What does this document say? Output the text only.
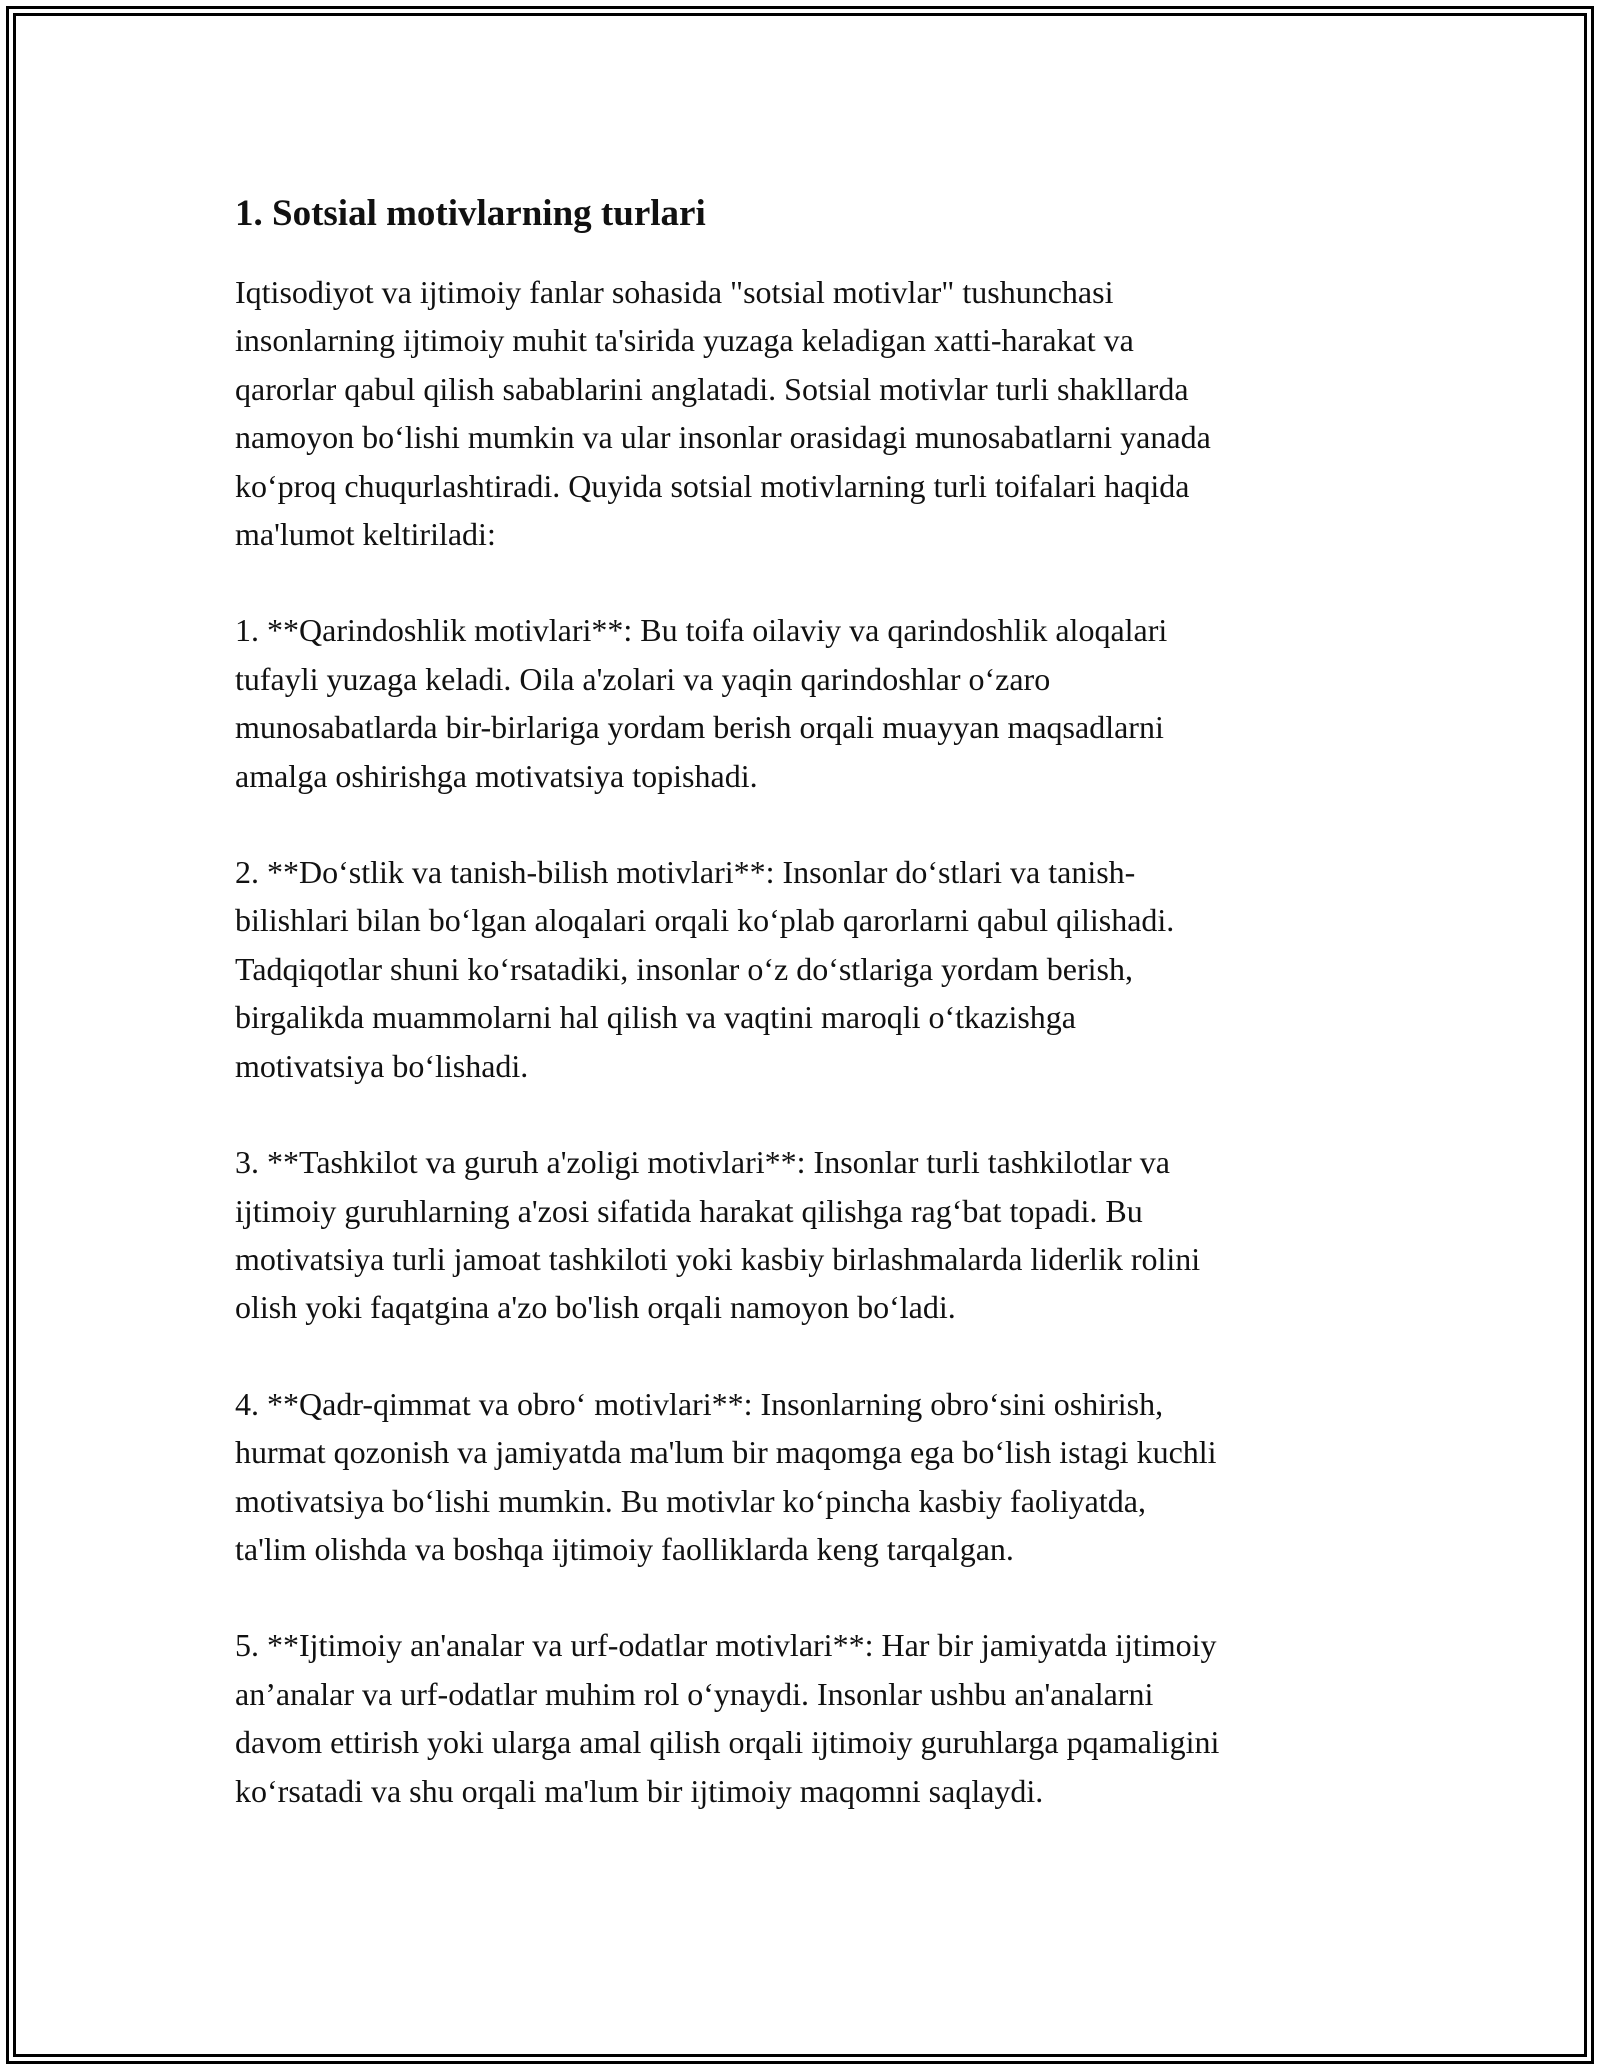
1. Sotsial motivlarning turlari

Iqtisodiyot va ijtimoiy fanlar sohasida "sotsial motivlar" tushunchasi
insonlarning ijtimoiy muhit ta'sirida yuzaga keladigan xatti-harakat va
qarorlar qabul qilish sabablarini anglatadi. Sotsial motivlar turli shakllarda
namoyon bo‘lishi mumkin va ular insonlar orasidagi munosabatlarni yanada
ko‘proq chuqurlashtiradi. Quyida sotsial motivlarning turli toifalari haqida
ma'lumot keltiriladi:

1. **Qarindoshlik motivlari**: Bu toifa oilaviy va qarindoshlik aloqalari
tufayli yuzaga keladi. Oila a'zolari va yaqin qarindoshlar o‘zaro
munosabatlarda bir-birlariga yordam berish orqali muayyan maqsadlarni
amalga oshirishga motivatsiya topishadi.

2. **Do‘stlik va tanish-bilish motivlari**: Insonlar do‘stlari va tanish-
bilishlari bilan bo‘lgan aloqalari orqali ko‘plab qarorlarni qabul qilishadi.
Tadqiqotlar shuni ko‘rsatadiki, insonlar o‘z do‘stlariga yordam berish,
birgalikda muammolarni hal qilish va vaqtini maroqli o‘tkazishga
motivatsiya bo‘lishadi.

3. **Tashkilot va guruh a'zoligi motivlari**: Insonlar turli tashkilotlar va
ijtimoiy guruhlarning a'zosi sifatida harakat qilishga rag‘bat topadi. Bu
motivatsiya turli jamoat tashkiloti yoki kasbiy birlashmalarda liderlik rolini
olish yoki faqatgina a'zo bo'lish orqali namoyon bo‘ladi.

4. **Qadr-qimmat va obro‘ motivlari**: Insonlarning obro‘sini oshirish,
hurmat qozonish va jamiyatda ma'lum bir maqomga ega bo‘lish istagi kuchli
motivatsiya bo‘lishi mumkin. Bu motivlar ko‘pincha kasbiy faoliyatda,
ta'lim olishda va boshqa ijtimoiy faolliklarda keng tarqalgan.

5. **Ijtimoiy an'analar va urf-odatlar motivlari**: Har bir jamiyatda ijtimoiy
an’analar va urf-odatlar muhim rol o‘ynaydi. Insonlar ushbu an'analarni
davom ettirish yoki ularga amal qilish orqali ijtimoiy guruhlarga pqamaligini
ko‘rsatadi va shu orqali ma'lum bir ijtimoiy maqomni saqlaydi.
